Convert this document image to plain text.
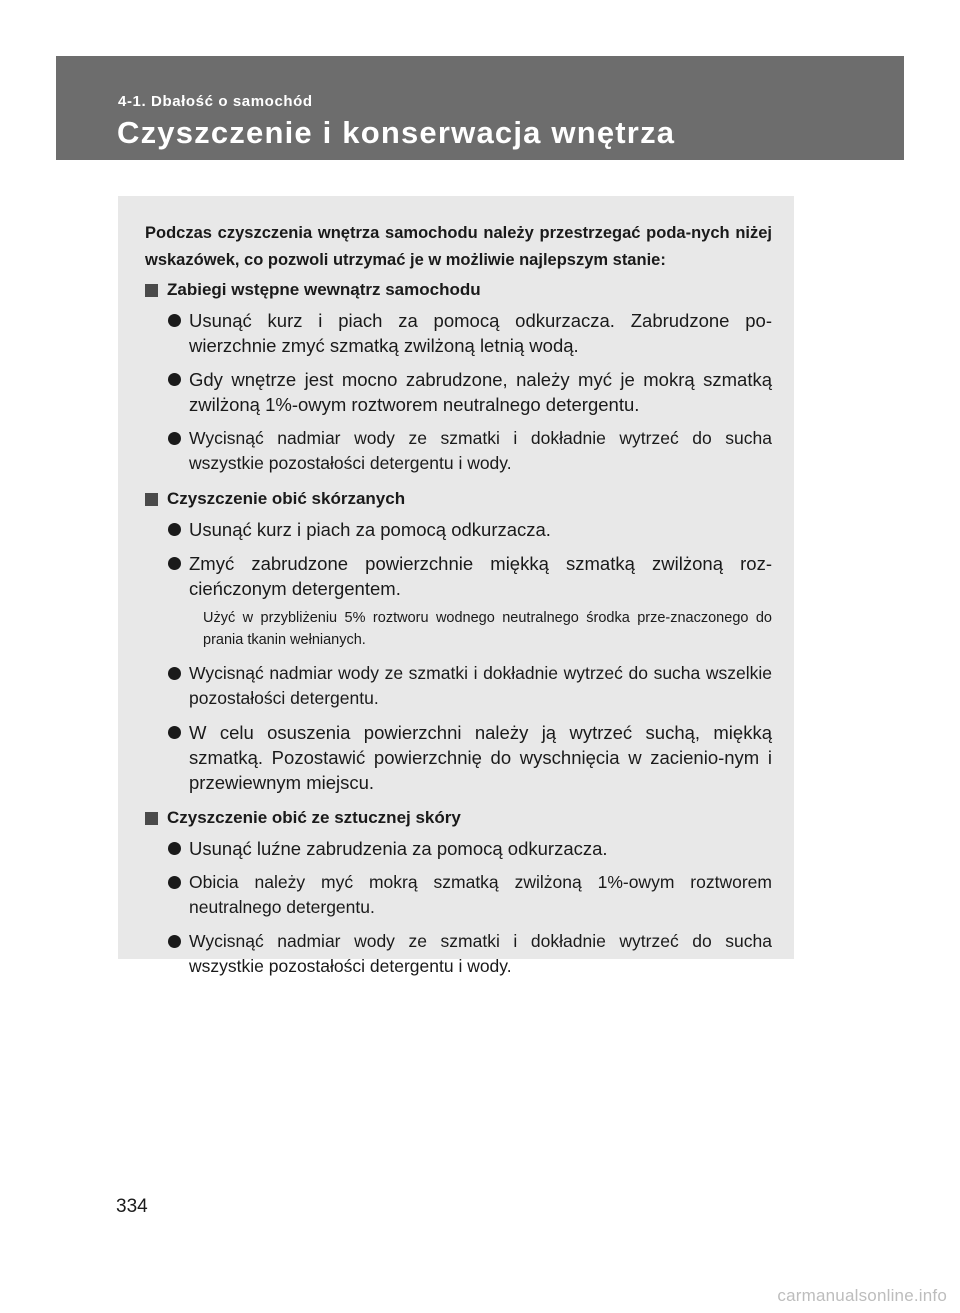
4-1. Dbałość o samochód
Czyszczenie i konserwacja wnętrza

Podczas czyszczenia wnętrza samochodu należy przestrzegać poda-nych niżej wskazówek, co pozwoli utrzymać je w możliwie najlepszym stanie:

Zabiegi wstępne wewnątrz samochodu
Usunąć kurz i piach za pomocą odkurzacza. Zabrudzone po-wierzchnie zmyć szmatką zwilżoną letnią wodą.
Gdy wnętrze jest mocno zabrudzone, należy myć je mokrą szmatką zwilżoną 1%-owym roztworem neutralnego detergentu.
Wycisnąć nadmiar wody ze szmatki i dokładnie wytrzeć do sucha wszystkie pozostałości detergentu i wody.
Czyszczenie obić skórzanych
Usunąć kurz i piach za pomocą odkurzacza.
Zmyć zabrudzone powierzchnie miękką szmatką zwilżoną roz-cieńczonym detergentem.

Użyć w przybliżeniu 5% roztworu wodnego neutralnego środka prze-znaczonego do prania tkanin wełnianych.

Wycisnąć nadmiar wody ze szmatki i dokładnie wytrzeć do sucha wszelkie pozostałości detergentu.
W celu osuszenia powierzchni należy ją wytrzeć suchą, miękką szmatką. Pozostawić powierzchnię do wyschnięcia w zacienio-nym i przewiewnym miejscu.
Czyszczenie obić ze sztucznej skóry
Usunąć luźne zabrudzenia za pomocą odkurzacza.
Obicia należy myć mokrą szmatką zwilżoną 1%-owym roztworem neutralnego detergentu.
Wycisnąć nadmiar wody ze szmatki i dokładnie wytrzeć do sucha wszystkie pozostałości detergentu i wody.
334
carmanualsonline.info
